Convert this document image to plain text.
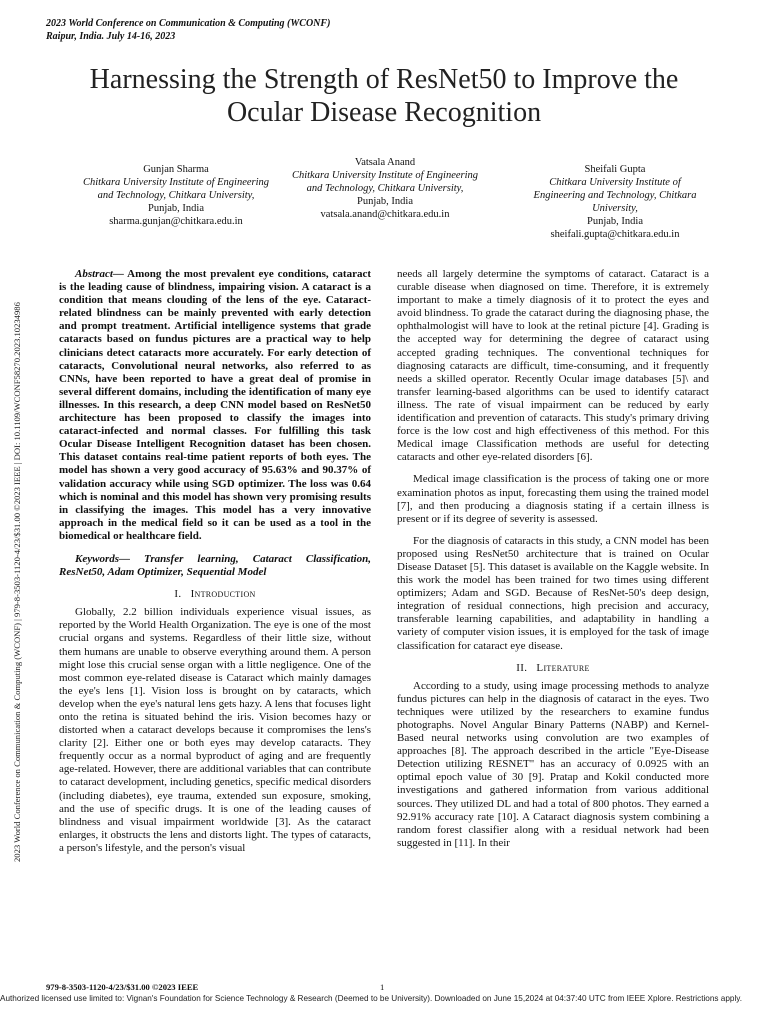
2023 World Conference on Communication & Computing (WCONF)
Raipur, India. July 14-16, 2023
Harnessing the Strength of ResNet50 to Improve the
Ocular Disease Recognition
Gunjan Sharma
Chitkara University Institute of Engineering
and Technology, Chitkara University,
Punjab, India
sharma.gunjan@chitkara.edu.in
Vatsala Anand
Chitkara University Institute of Engineering
and Technology, Chitkara University,
Punjab, India
vatsala.anand@chitkara.edu.in
Sheifali Gupta
Chitkara University Institute of
Engineering and Technology, Chitkara
University,
Punjab, India
sheifali.gupta@chitkara.edu.in

Abstract— Among the most prevalent eye conditions, cataract is the leading cause of blindness, impairing vision. A cataract is a condition that means clouding of the lens of the eye. Cataract-related blindness can be mainly prevented with early detection and prompt treatment. Artificial intelligence systems that grade cataracts based on fundus pictures are a practical way to help clinicians detect cataracts more accurately. For early detection of cataracts, Convolutional neural networks, also referred to as CNNs, have been reported to have a great deal of promise in several different domains, including the identification of many eye illnesses. In this research, a deep CNN model based on ResNet50 architecture has been proposed to classify the images into cataract-infected and normal classes. For fulfilling this task Ocular Disease Intelligent Recognition dataset has been chosen. This dataset contains real-time patient reports of both eyes. The model has shown a very good accuracy of 95.63% and 90.37% of validation accuracy while using SGD optimizer. The loss was 0.64 which is nominal and this model has shown very promising results in classifying the images. This model has a very innovative approach in the medical field so it can be used as a tool in the biomedical or healthcare field.

Keywords— Transfer learning, Cataract Classification, ResNet50, Adam Optimizer, Sequential Model

I. Introduction

Globally, 2.2 billion individuals experience visual issues, as reported by the World Health Organization. The eye is one of the most crucial organs and systems. Regardless of their little size, without them humans are unable to observe everything around them. A person might lose this crucial sense organ with a little negligence. One of the most common eye-related disease is Cataract which mainly damages the eye's lens [1]. Vision loss is brought on by cataracts, which develop when the eye's natural lens gets hazy. A lens that focuses light onto the retina is situated behind the iris. Vision becomes hazy or distorted when a cataract develops because it compromises the lens's clarity [2]. Either one or both eyes may develop cataracts. They frequently occur as a normal byproduct of aging and are frequently age-related. However, there are additional variables that can contribute to cataract development, including genetics, specific medical disorders (including diabetes), eye trauma, extended sun exposure, smoking, and the use of specific drugs. It is one of the leading causes of blindness and visual impairment worldwide [3]. As the cataract enlarges, it obstructs the lens and distorts light. The types of cataracts, a person's lifestyle, and the person's visual

needs all largely determine the symptoms of cataract. Cataract is a curable disease when diagnosed on time. Therefore, it is extremely important to make a timely diagnosis of it to protect the eyes and avoid blindness. To grade the cataract during the diagnosing phase, the ophthalmologist will have to look at the retinal picture [4]. Grading is the accepted way for determining the degree of cataract using accepted grading techniques. The conventional techniques for diagnosing cataracts are difficult, time-consuming, and it frequently needs a skilled operator. Recently Ocular image databases [5]\ and transfer learning-based algorithms can be used to identify cataract illness. The rate of visual impairment can be reduced by early identification and prevention of cataracts. This study's primary driving force is the low cost and high effectiveness of this method. For this Medical image Classification methods are useful for detecting cataracts and other eye-related disorders [6].

Medical image classification is the process of taking one or more examination photos as input, forecasting them using the trained model [7], and then producing a diagnosis stating if a certain illness is present or if its degree of severity is assessed.

For the diagnosis of cataracts in this study, a CNN model has been proposed using ResNet50 architecture that is trained on Ocular Disease Dataset [5]. This dataset is available on the Kaggle website. In this work the model has been trained for two times using different optimizers; Adam and SGD. Because of ResNet-50's deep design, integration of residual connections, high precision and accuracy, transferable learning capabilities, and adaptability in handling a variety of computer vision issues, it is employed for the task of image classification for cataract eye disease.

II. Literature

According to a study, using image processing methods to analyze fundus pictures can help in the diagnosis of cataract in the eyes. Two techniques were utilized by the researchers to examine fundus photographs. Novel Angular Binary Patterns (NABP) and Kernel-Based neural networks using convolution are two examples of approaches [8]. The approach described in the article "Eye-Disease Detection utilizing RESNET" has an accuracy of 0.0925 with an optimal epoch value of 30 [9]. Pratap and Kokil conducted more investigations and gathered information from various additional sources. They utilized DL and had a total of 800 photos. They earned a 92.91% accuracy rate [10]. A Cataract diagnosis system combining a random forest classifier along with a residual network had been suggested in [11]. In their

2023 World Conference on Communication & Computing (WCONF) | 979-8-3503-1120-4/23/$31.00 ©2023 IEEE | DOI: 10.1109/WCONF58270.2023.10234986
979-8-3503-1120-4/23/$31.00 ©2023 IEEE	1
Authorized licensed use limited to: Vignan's Foundation for Science Technology & Research (Deemed to be University). Downloaded on June 15,2024 at 04:37:40 UTC from IEEE Xplore. Restrictions apply.
